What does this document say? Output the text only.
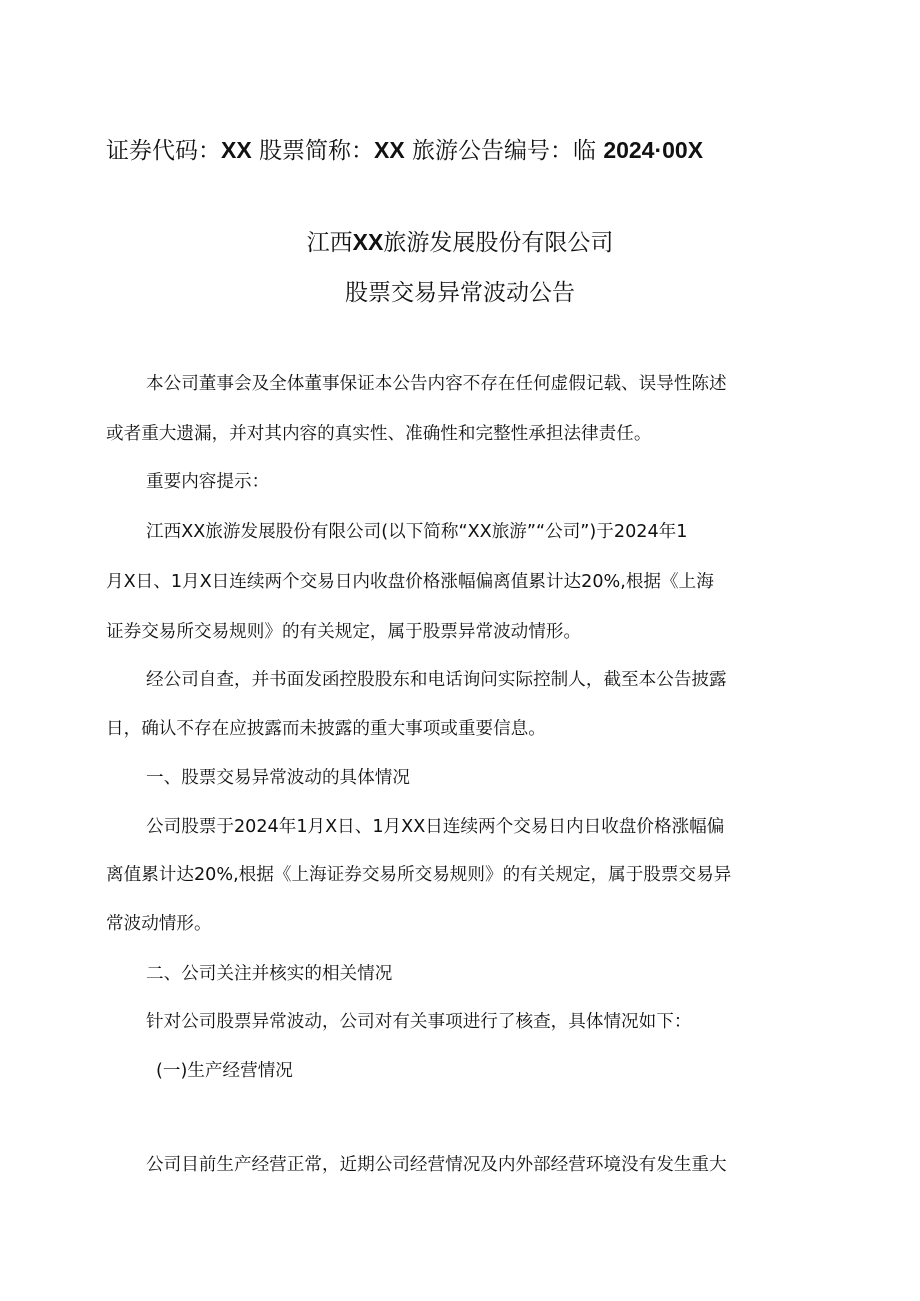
证券代码：XX 股票简称：XX 旅游公告编号：临 2024·00X
江西XX旅游发展股份有限公司
股票交易异常波动公告
本公司董事会及全体董事保证本公告内容不存在任何虚假记载、误导性陈述
或者重大遗漏，并对其内容的真实性、准确性和完整性承担法律责任。
重要内容提示：
江西XX旅游发展股份有限公司(以下简称“XX旅游”“公司”)于2024年1
月X日、1月X日连续两个交易日内收盘价格涨幅偏离值累计达20%,根据《上海
证券交易所交易规则》的有关规定，属于股票异常波动情形。
经公司自查，并书面发函控股股东和电话询问实际控制人，截至本公告披露
日，确认不存在应披露而未披露的重大事项或重要信息。
一、股票交易异常波动的具体情况
公司股票于2024年1月X日、1月XX日连续两个交易日内日收盘价格涨幅偏
离值累计达20%,根据《上海证券交易所交易规则》的有关规定，属于股票交易异
常波动情形。
二、公司关注并核实的相关情况
针对公司股票异常波动，公司对有关事项进行了核查，具体情况如下：
(一)生产经营情况
公司目前生产经营正常，近期公司经营情况及内外部经营环境没有发生重大
